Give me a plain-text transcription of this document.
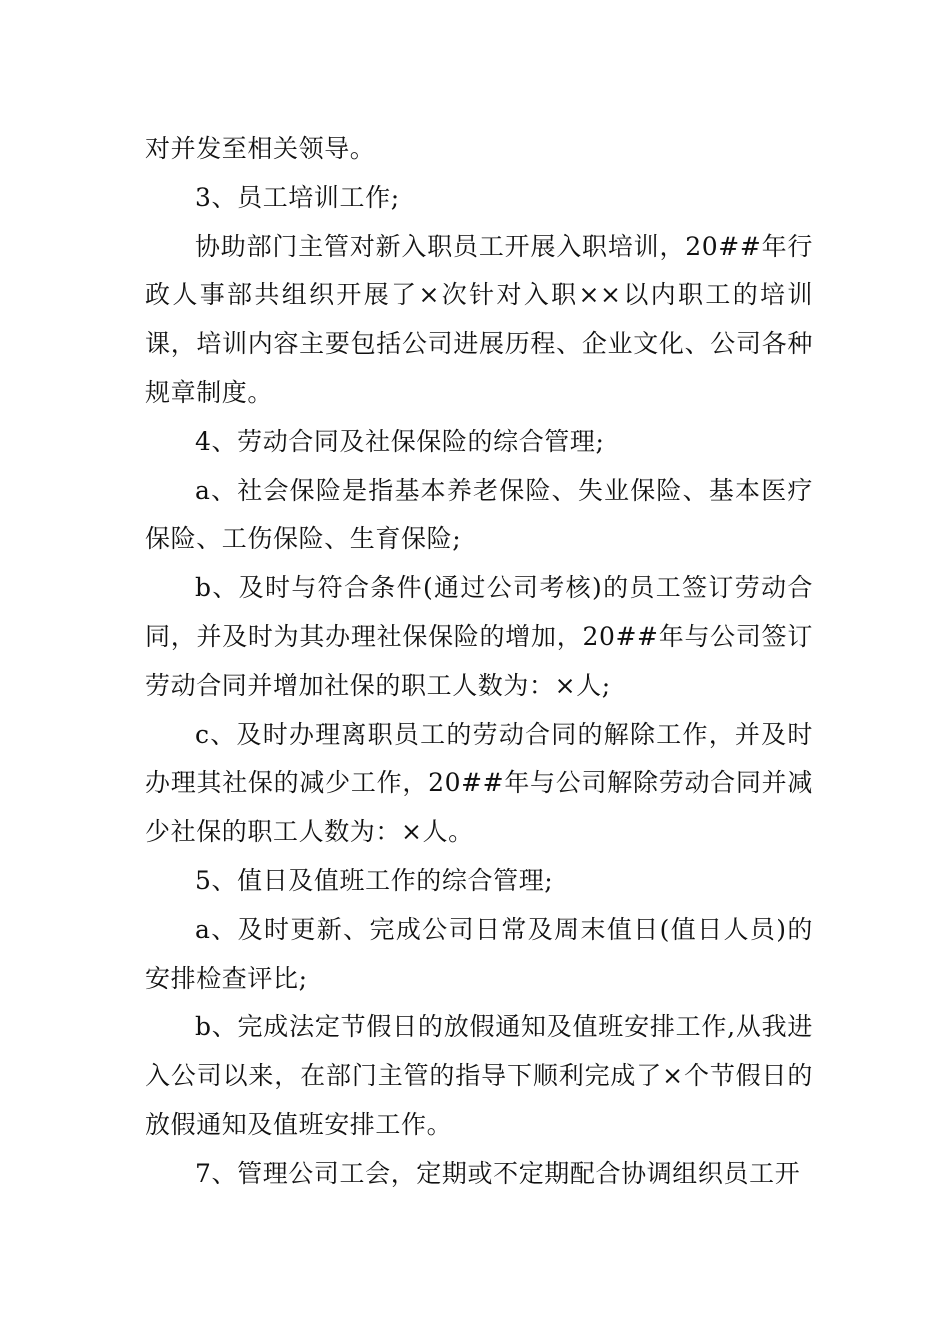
对并发至相关领导。

3、员工培训工作;

协助部门主管对新入职员工开展入职培训，20##年行政人事部共组织开展了×次针对入职××以内职工的培训课，培训内容主要包括公司进展历程、企业文化、公司各种规章制度。

4、劳动合同及社保保险的综合管理;

a、社会保险是指基本养老保险、失业保险、基本医疗保险、工伤保险、生育保险;

b、及时与符合条件(通过公司考核)的员工签订劳动合同，并及时为其办理社保保险的增加，20##年与公司签订劳动合同并增加社保的职工人数为：×人;

c、及时办理离职员工的劳动合同的解除工作，并及时办理其社保的减少工作，20##年与公司解除劳动合同并减少社保的职工人数为：×人。

5、值日及值班工作的综合管理;

a、及时更新、完成公司日常及周末值日(值日人员)的安排检查评比;

b、完成法定节假日的放假通知及值班安排工作,从我进入公司以来，在部门主管的指导下顺利完成了×个节假日的放假通知及值班安排工作。

7、管理公司工会，定期或不定期配合协调组织员工开
